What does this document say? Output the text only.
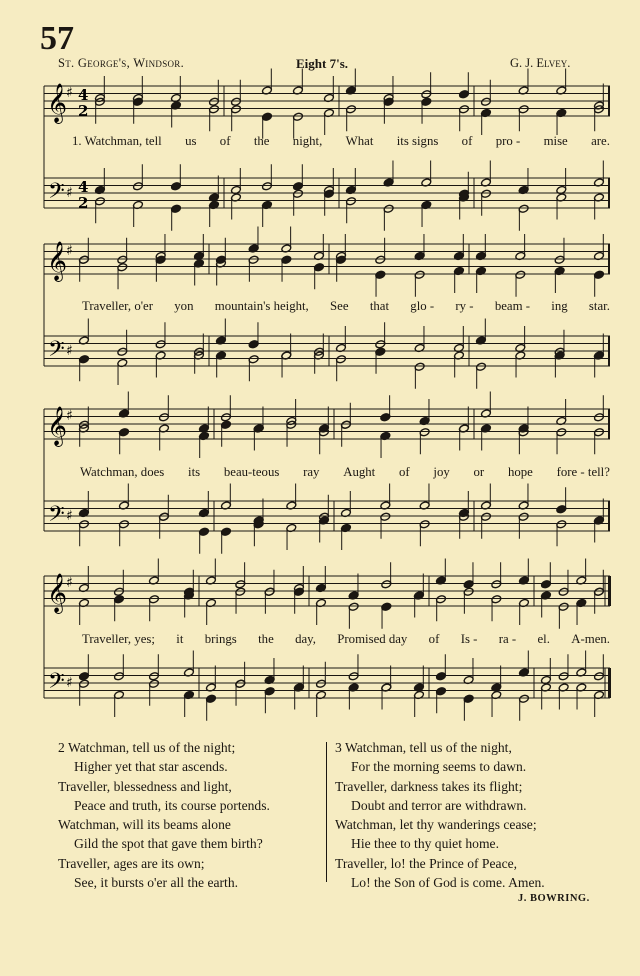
57
St. George's, Windsor.	Eight 7's.	G. J. Elvey.
𝄞
♯ 4
2
𝄢 ♯ 4
2
1. Watchman, tell us of the night, What its signs of pro - mise are.
𝄞
♯
𝄢 ♯
Traveller, o'er yon mountain's height, See that glo - ry - beam - ing star.
𝄞
♯
𝄢 ♯
Watchman, does its beau-teous ray Aught of joy or hope fore - tell?
𝄞
♯
𝄢 ♯
Traveller, yes; it brings the day, Promised day of Is - ra - el. A-men.
2 Watchman, tell us of the night;
Higher yet that star ascends.
Traveller, blessedness and light,
Peace and truth, its course portends.
Watchman, will its beams alone
Gild the spot that gave them birth?
Traveller, ages are its own;
See, it bursts o'er all the earth.
3 Watchman, tell us of the night,
For the morning seems to dawn.
Traveller, darkness takes its flight;
Doubt and terror are withdrawn.
Watchman, let thy wanderings cease;
Hie thee to thy quiet home.
Traveller, lo! the Prince of Peace,
Lo! the Son of God is come. Amen.
J. BOWRING.
